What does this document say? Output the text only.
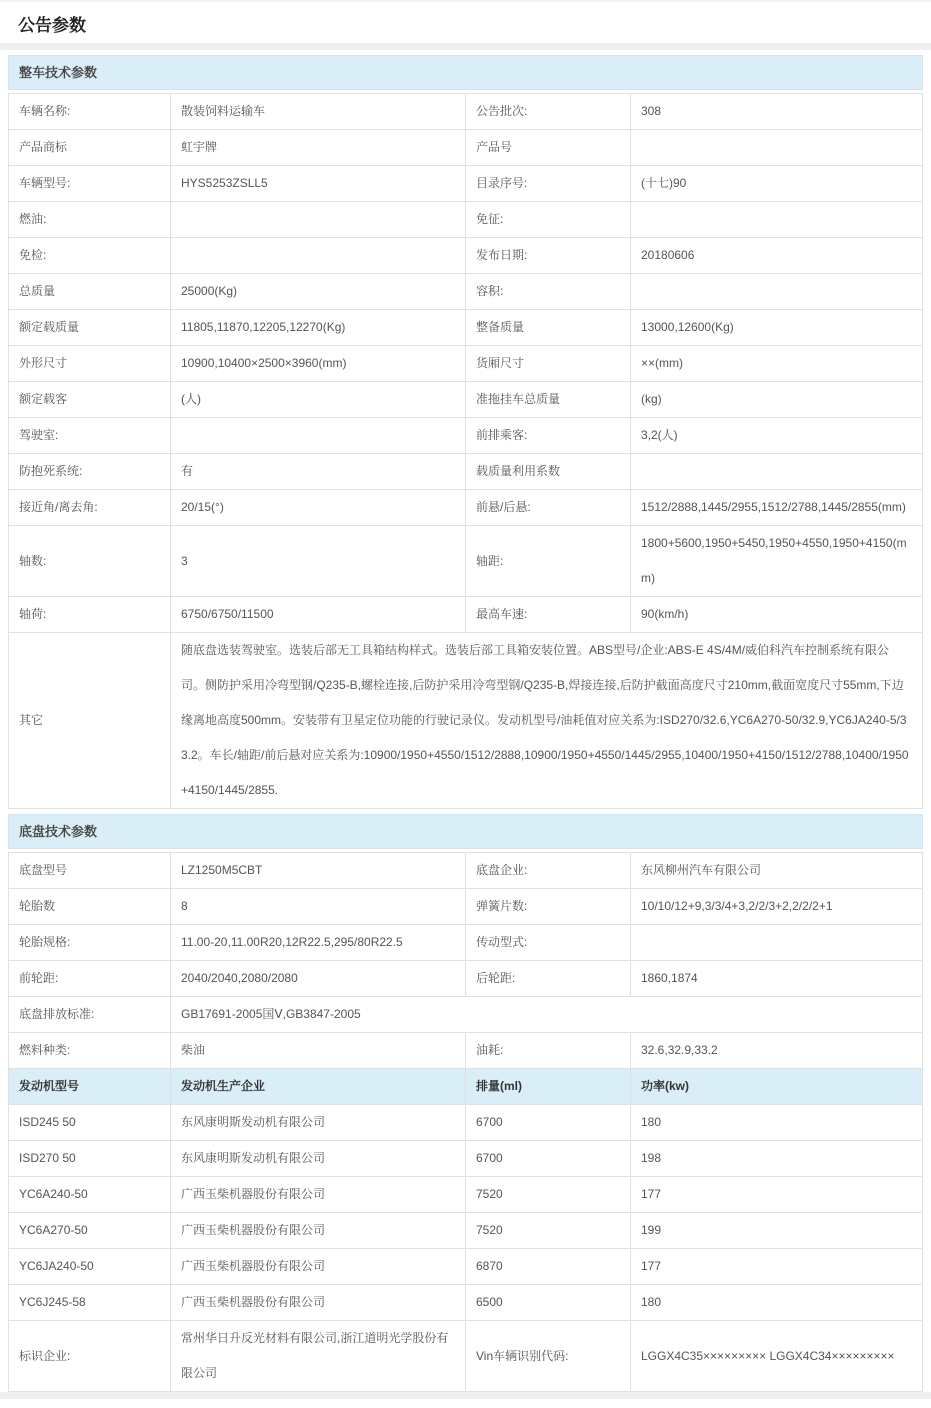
公告参数
整车技术参数
车辆名称:	散装饲料运输车	公告批次:	308
产品商标	虹宇牌	产品号	
车辆型号:	HYS5253ZSLL5	目录序号:	(十七)90
燃油:		免征:	
免检:		发布日期:	20180606
总质量	25000(Kg)	容积:	
额定载质量	11805,11870,12205,12270(Kg)	整备质量	13000,12600(Kg)
外形尺寸	10900,10400×2500×3960(mm)	货厢尺寸	××(mm)
额定载客	(人)	准拖挂车总质量	(kg)
驾驶室:		前排乘客:	3,2(人)
防抱死系统:	有	载质量利用系数	
接近角/离去角:	20/15(°)	前悬/后悬:	1512/2888,1445/2955,1512/2788,1445/2855(mm)
轴数:	3	轴距:	1800+5600,1950+5450,1950+4550,1950+4150(mm)
轴荷:	6750/6750/11500	最高车速:	90(km/h)
其它	随底盘选装驾驶室。选装后部无工具箱结构样式。选装后部工具箱安装位置。ABS型号/企业:ABS-E 4S/4M/威伯科汽车控制系统有限公司。侧防护采用冷弯型钢/Q235-B,螺栓连接,后防护采用冷弯型钢/Q235-B,焊接连接,后防护截面高度尺寸210mm,截面宽度尺寸55mm,下边缘离地高度500mm。安装带有卫星定位功能的行驶记录仪。发动机型号/油耗值对应关系为:ISD270/32.6,YC6A270-50/32.9,YC6JA240-5/33.2。车长/轴距/前后悬对应关系为:10900/1950+4550/1512/2888,10900/1950+4550/1445/2955,10400/1950+4150/1512/2788,10400/1950+4150/1445/2855.		
底盘技术参数
底盘型号	LZ1250M5CBT	底盘企业:	东风柳州汽车有限公司
轮胎数	8	弹簧片数:	10/10/12+9,3/3/4+3,2/2/3+2,2/2/2+1
轮胎规格:	11.00-20,11.00R20,12R22.5,295/80R22.5	传动型式:	
前轮距:	2040/2040,2080/2080	后轮距:	1860,1874
底盘排放标准:	GB17691-2005国Ⅴ,GB3847-2005		
燃料种类:	柴油	油耗:	32.6,32.9,33.2
发动机型号	发动机生产企业	排量(ml)	功率(kw)
ISD245 50	东风康明斯发动机有限公司	6700	180
ISD270 50	东风康明斯发动机有限公司	6700	198
YC6A240-50	广西玉柴机器股份有限公司	7520	177
YC6A270-50	广西玉柴机器股份有限公司	7520	199
YC6JA240-50	广西玉柴机器股份有限公司	6870	177
YC6J245-58	广西玉柴机器股份有限公司	6500	180
标识企业:	常州华日升反光材料有限公司,浙江道明光学股份有限公司	Vin车辆识别代码:	LGGX4C35××××××××× LGGX4C34×××××××××
